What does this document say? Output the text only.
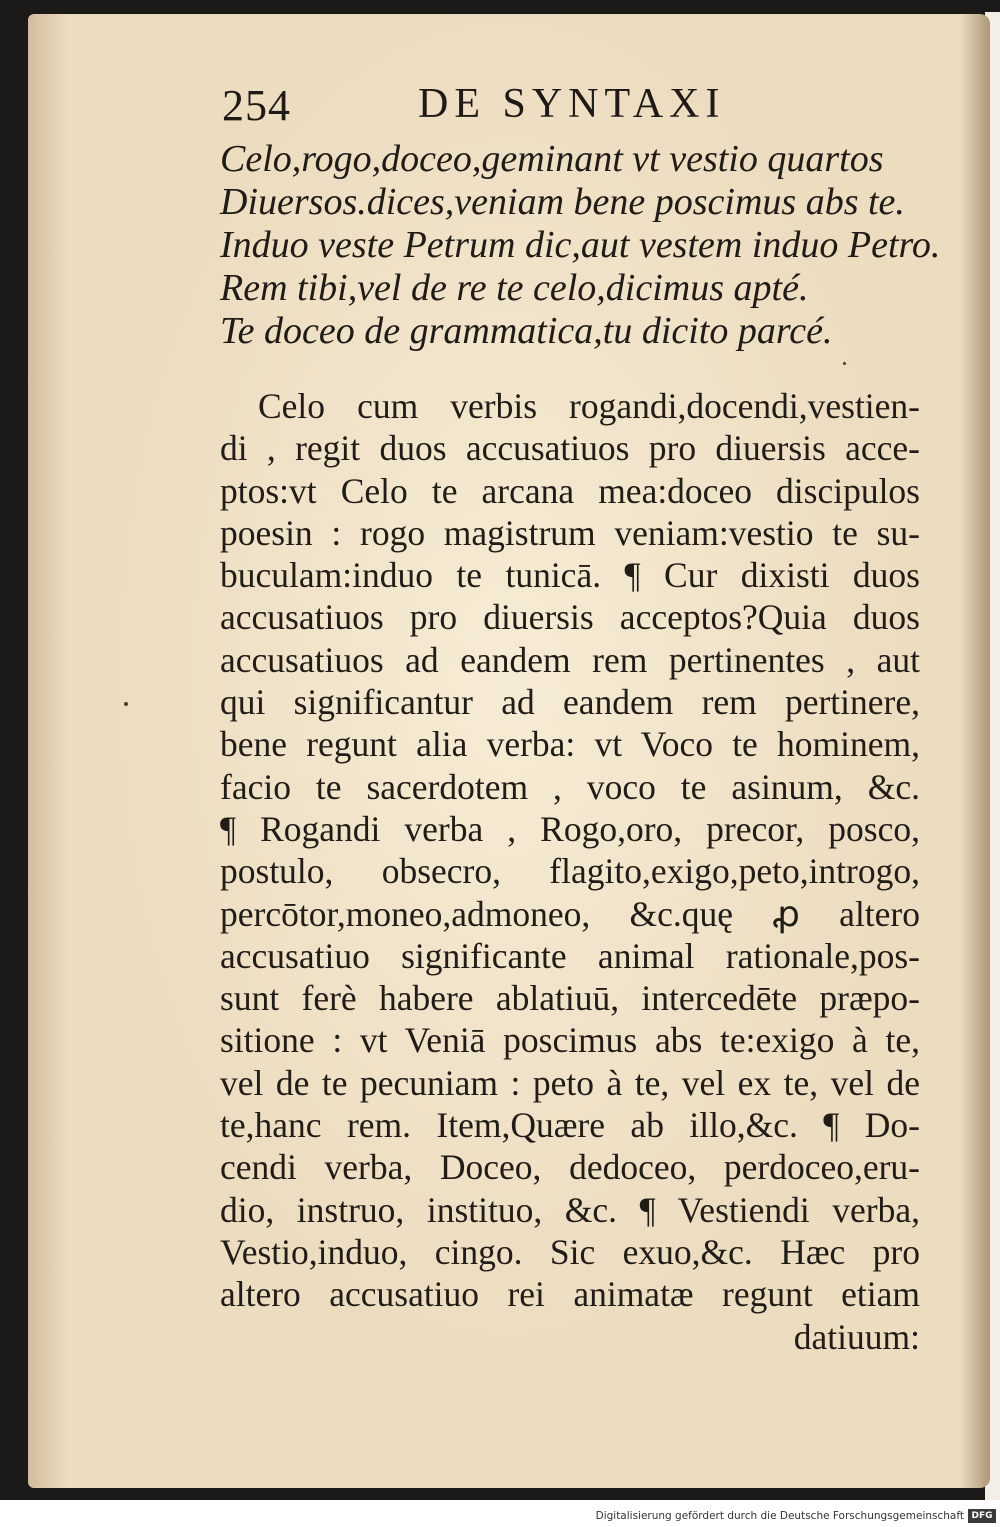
254	DE SYNTAXI
Celo,rogo,doceo,geminant vt vestio quartos
Diuersos.dices,veniam bene poscimus abs te.
Induo veste Petrum dic,aut vestem induo Petro.
Rem tibi,vel de re te celo,dicimus apté.
Te doceo de grammatica,tu dicito parcé.
Celo cum verbis rogandi,docendi,vestien-
di , regit duos accusatiuos pro diuersis acce-
ptos:vt Celo te arcana mea:doceo discipulos
poesin : rogo magistrum veniam:vestio te su-
buculam:induo te tunicā. ¶ Cur dixisti duos
accusatiuos pro diuersis acceptos?Quia duos
accusatiuos ad eandem rem pertinentes , aut
qui significantur ad eandem rem pertinere,
bene regunt alia verba: vt Voco te hominem,
facio te sacerdotem , voco te asinum, &c.
¶ Rogandi verba , Rogo,oro, precor, posco,
postulo, obsecro, flagito,exigo,peto,introgo,
percōtor,moneo,admoneo, &c.quę ꝓ altero
accusatiuo significante animal rationale,pos-
sunt ferè habere ablatiuū, intercedēte præpo-
sitione : vt Veniā poscimus abs te:exigo à te,
vel de te pecuniam : peto à te, vel ex te, vel de
te,hanc rem. Item,Quære ab illo,&c. ¶ Do-
cendi verba, Doceo, dedoceo, perdoceo,eru-
dio, instruo, instituo, &c. ¶ Vestiendi verba,
Vestio,induo, cingo. Sic exuo,&c. Hæc pro
altero accusatiuo rei animatæ regunt etiam
datiuum:
Digitalisierung gefördert durch die Deutsche Forschungsgemeinschaft DFG
